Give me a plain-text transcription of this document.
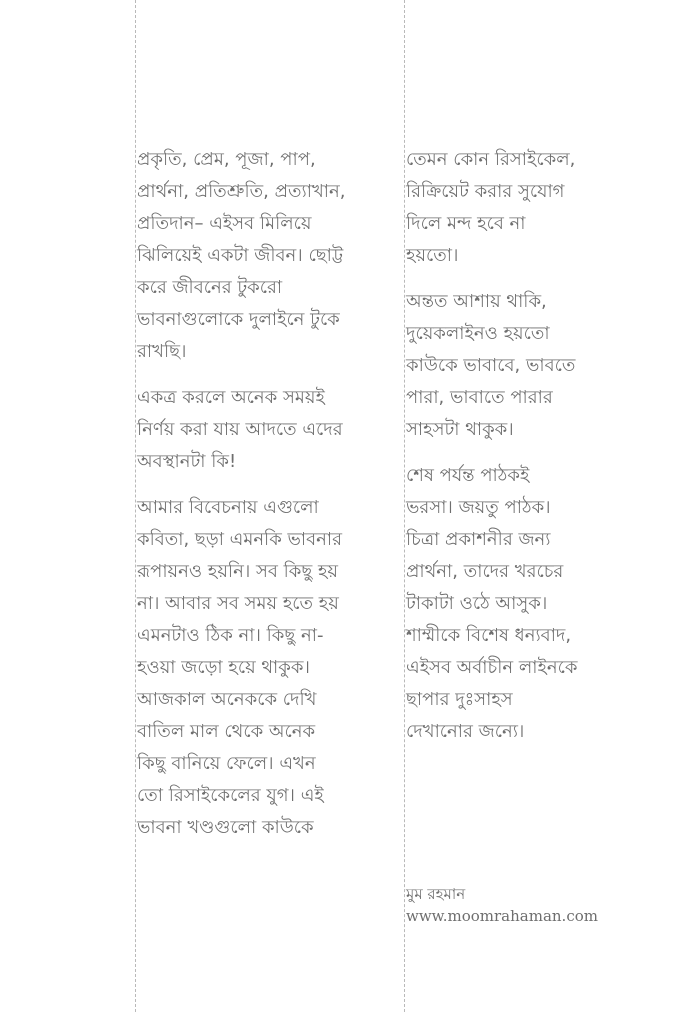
প্রকৃতি, প্রেম, পূজা, পাপ,
প্রার্থনা, প্রতিশ্রুতি, প্রত্যাখান,
প্রতিদান– এইসব মিলিয়ে
ঝিলিয়েই একটা জীবন। ছোট্ট
করে জীবনের টুকরো
ভাবনাগুলোকে দুলাইনে টুকে
রাখছি।

একত্র করলে অনেক সময়ই
নির্ণয় করা যায় আদতে এদের
অবস্থানটা কি!

আমার বিবেচনায় এগুলো
কবিতা, ছড়া এমনকি ভাবনার
রূপায়নও হয়নি। সব কিছু হয়
না। আবার সব সময় হতে হয়
এমনটাও ঠিক না। কিছু না-
হওয়া জড়ো হয়ে থাকুক।
আজকাল অনেককে দেখি
বাতিল মাল থেকে অনেক
কিছু বানিয়ে ফেলে। এখন
তো রিসাইকেলের যুগ। এই
ভাবনা খণ্ডগুলো কাউকে

তেমন কোন রিসাইকেল,
রিক্রিয়েট করার সুযোগ
দিলে মন্দ হবে না
হয়তো।

অন্তত আশায় থাকি,
দুয়েকলাইনও হয়তো
কাউকে ভাবাবে, ভাবতে
পারা, ভাবাতে পারার
সাহসটা থাকুক।

শেষ পর্যন্ত পাঠকই
ভরসা। জয়তু পাঠক।
চিত্রা প্রকাশনীর জন্য
প্রার্থনা, তাদের খরচের
টাকাটা ওঠে আসুক।
শাম্মীকে বিশেষ ধন্যবাদ,
এইসব অর্বাচীন লাইনকে
ছাপার দুঃসাহস
দেখানোর জন্যে।

মুম রহমান
www.moomrahaman.com
